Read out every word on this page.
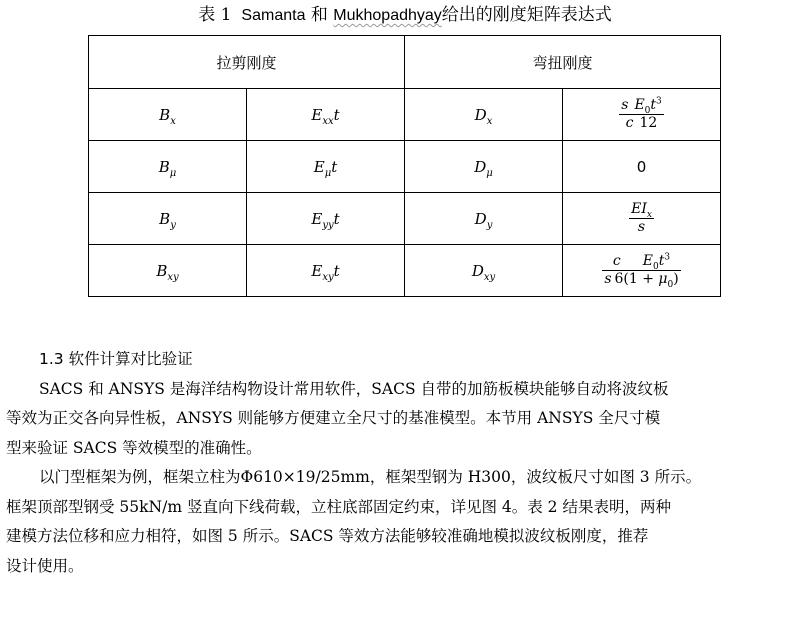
表 1 Samanta 和 Mukhopadhyay给出的刚度矩阵表达式
拉剪刚度		弯扭刚度	
$B_x$	$E_{xx}t$	$D_x$	$\frac{s E_0t^3}{c 12}$

$B_\mu$	$E_\mu t$	$D_\mu$	0
$B_y$	$E_{yy}t$	$D_y$	$\frac{EI_x}{s}$

$B_{xy}$	$E_{xy}t$	$D_{xy}$	$\frac{c E_0t^3}{s 6(1 + \mu_0)}$

1.3 软件计算对比验证

SACS 和 ANSYS 是海洋结构物设计常用软件，SACS 自带的加筋板模块能够自动将波纹板

等效为正交各向异性板，ANSYS 则能够方便建立全尺寸的基准模型。本节用 ANSYS 全尺寸模

型来验证 SACS 等效模型的准确性。

以门型框架为例，框架立柱为Φ610×19/25mm，框架型钢为 H300，波纹板尺寸如图 3 所示。

框架顶部型钢受 55kN/m 竖直向下线荷载，立柱底部固定约束，详见图 4。表 2 结果表明，两种

建模方法位移和应力相符，如图 5 所示。SACS 等效方法能够较准确地模拟波纹板刚度，推荐

设计使用。
